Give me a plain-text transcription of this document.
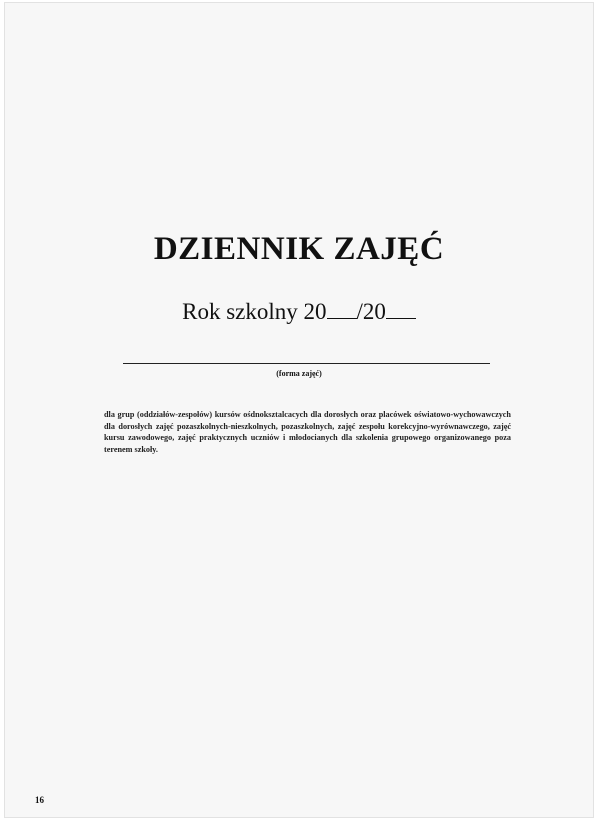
DZIENNIK ZAJĘĆ
Rok szkolny 20 /20
(forma zajęć)
dla grup (oddziałów-zespołów) kursów ośdnoksztalcacych dla dorosłych oraz placówek oświatowo-wychowawczych dla dorosłych zajęć pozaszkolnych-nieszkolnych, pozaszkolnych, zajęć zespołu korekcyjno-wyrównawczego, zajęć kursu zawodowego, zajęć praktycznych uczniów i młodocianych dla szkolenia grupowego organizowanego poza terenem szkoły.
16
